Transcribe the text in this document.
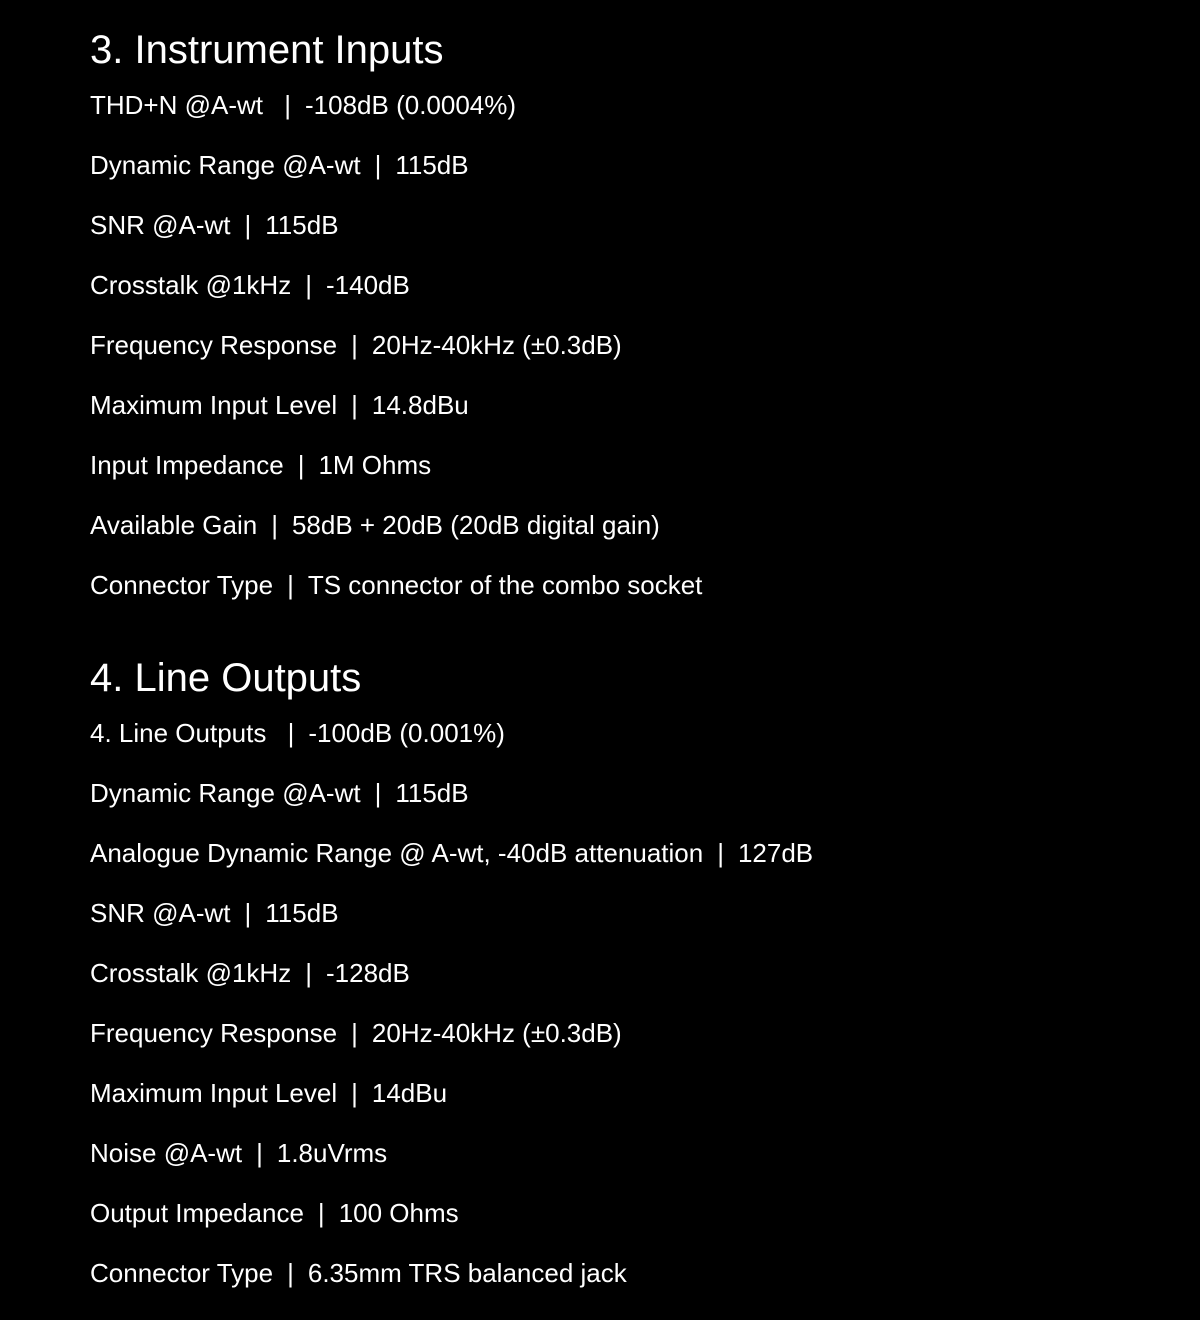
3. Instrument Inputs
THD+N @A-wt | -108dB (0.0004%)
Dynamic Range @A-wt | 115dB
SNR @A-wt | 115dB
Crosstalk @1kHz | -140dB
Frequency Response | 20Hz-40kHz (±0.3dB)
Maximum Input Level | 14.8dBu
Input Impedance | 1M Ohms
Available Gain | 58dB + 20dB (20dB digital gain)
Connector Type | TS connector of the combo socket
4. Line Outputs
4. Line Outputs | -100dB (0.001%)
Dynamic Range @A-wt | 115dB
Analogue Dynamic Range @ A-wt, -40dB attenuation | 127dB
SNR @A-wt | 115dB
Crosstalk @1kHz | -128dB
Frequency Response | 20Hz-40kHz (±0.3dB)
Maximum Input Level | 14dBu
Noise @A-wt | 1.8uVrms
Output Impedance | 100 Ohms
Connector Type | 6.35mm TRS balanced jack
